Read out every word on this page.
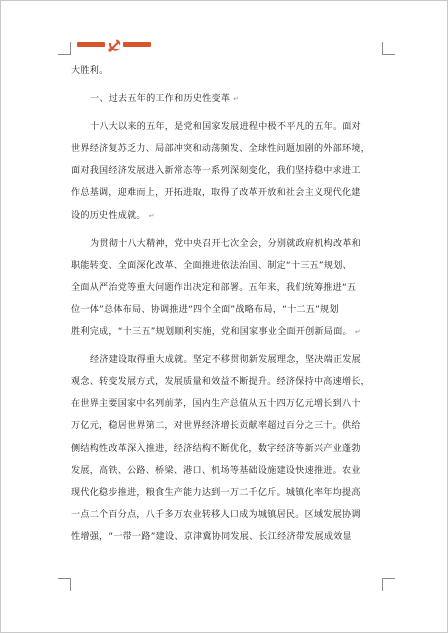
大胜利。
一、过去五年的工作和历史性变革 ↵
十八大以来的五年，是党和国家发展进程中极不平凡的五年。面对
世界经济复苏乏力、局部冲突和动荡频发、全球性问题加剧的外部环境，
面对我国经济发展进入新常态等一系列深刻变化，我们坚持稳中求进工
作总基调，迎难而上，开拓进取，取得了改革开放和社会主义现代化建
设的历史性成就。 ↵
为贯彻十八大精神，党中央召开七次全会，分别就政府机构改革和
职能转变、全面深化改革、全面推进依法治国、制定“十三五”规划、
全面从严治党等重大问题作出决定和部署。五年来，我们统筹推进“五
位一体”总体布局、协调推进“四个全面”战略布局，“十二五”规划
胜利完成，“十三五”规划顺利实施，党和国家事业全面开创新局面。 ↵
经济建设取得重大成就。坚定不移贯彻新发展理念，坚决端正发展
观念、转变发展方式，发展质量和效益不断提升。经济保持中高速增长，
在世界主要国家中名列前茅，国内生产总值从五十四万亿元增长到八十
万亿元，稳居世界第二，对世界经济增长贡献率超过百分之三十。供给
侧结构性改革深入推进，经济结构不断优化，数字经济等新兴产业蓬勃
发展，高铁、公路、桥梁、港口、机场等基础设施建设快速推进。农业
现代化稳步推进，粮食生产能力达到一万二千亿斤。城镇化率年均提高
一点二个百分点，八千多万农业转移人口成为城镇居民。区域发展协调
性增强，“一带一路”建设、京津冀协同发展、长江经济带发展成效显
